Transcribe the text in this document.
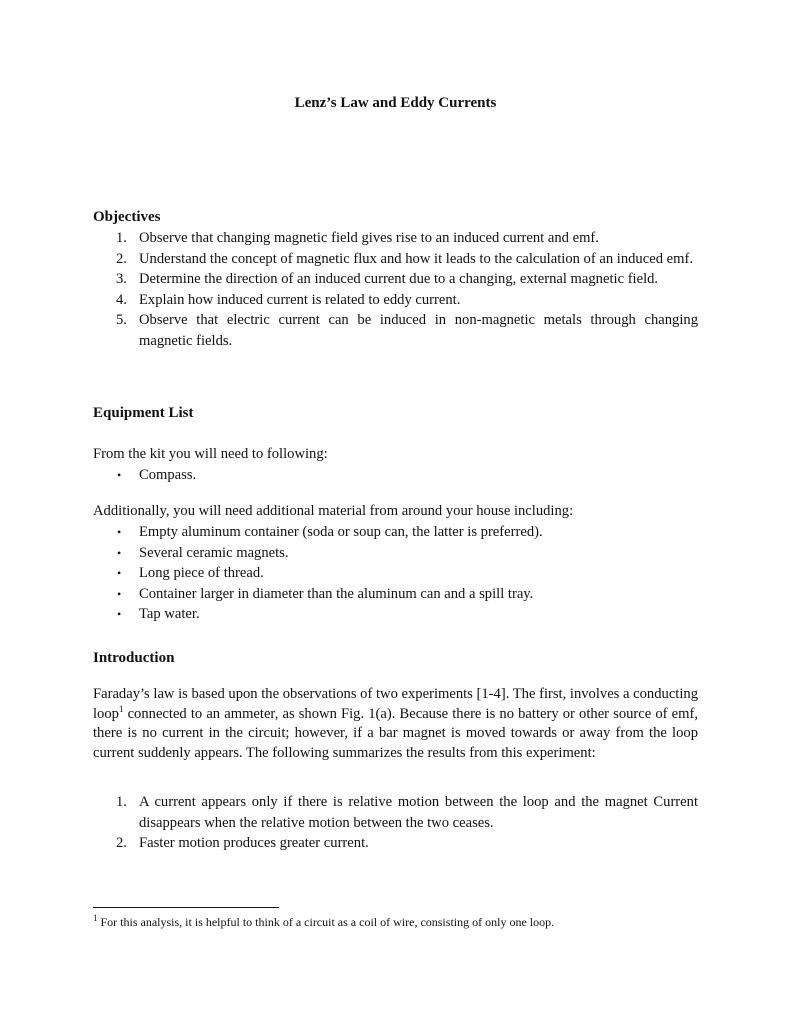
Lenz’s Law and Eddy Currents
Objectives
1. Observe that changing magnetic field gives rise to an induced current and emf.
2. Understand the concept of magnetic flux and how it leads to the calculation of an induced emf.
3. Determine the direction of an induced current due to a changing, external magnetic field.
4. Explain how induced current is related to eddy current.
5. Observe that electric current can be induced in non-magnetic metals through changing magnetic fields.
Equipment List
From the kit you will need to following:
• Compass.
Additionally, you will need additional material from around your house including:
• Empty aluminum container (soda or soup can, the latter is preferred).
• Several ceramic magnets.
• Long piece of thread.
• Container larger in diameter than the aluminum can and a spill tray.
• Tap water.
Introduction
Faraday’s law is based upon the observations of two experiments [1-4]. The first, involves a conducting loop$^1$ connected to an ammeter, as shown Fig. 1(a). Because there is no battery or other source of emf, there is no current in the circuit; however, if a bar magnet is moved towards or away from the loop current suddenly appears. The following summarizes the results from this experiment:
1. A current appears only if there is relative motion between the loop and the magnet Current disappears when the relative motion between the two ceases.
2. Faster motion produces greater current.
$^1$ For this analysis, it is helpful to think of a circuit as a coil of wire, consisting of only one loop.
